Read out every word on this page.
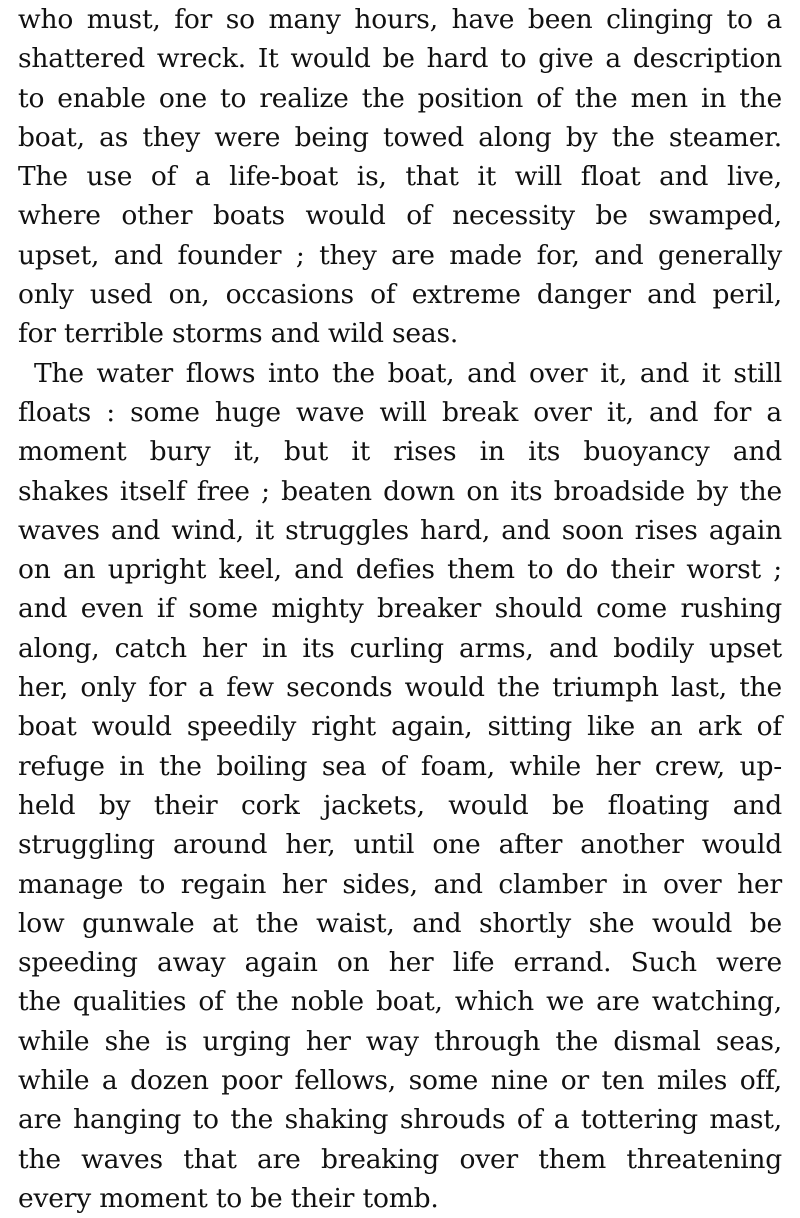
who must, for so many hours, have been clinging to a
shattered wreck. It would be hard to give a description
to enable one to realize the position of the men in the
boat, as they were being towed along by the steamer.
The use of a life-boat is, that it will float and live,
where other boats would of necessity be swamped,
upset, and founder ; they are made for, and generally
only used on, occasions of extreme danger and peril,
for terrible storms and wild seas.
The water flows into the boat, and over it, and it still
floats : some huge wave will break over it, and for a
moment bury it, but it rises in its buoyancy and
shakes itself free ; beaten down on its broadside by the
waves and wind, it struggles hard, and soon rises again
on an upright keel, and defies them to do their worst ;
and even if some mighty breaker should come rushing
along, catch her in its curling arms, and bodily upset
her, only for a few seconds would the triumph last, the
boat would speedily right again, sitting like an ark of
refuge in the boiling sea of foam, while her crew, up-
held by their cork jackets, would be floating and
struggling around her, until one after another would
manage to regain her sides, and clamber in over her
low gunwale at the waist, and shortly she would be
speeding away again on her life errand. Such were
the qualities of the noble boat, which we are watching,
while she is urging her way through the dismal seas,
while a dozen poor fellows, some nine or ten miles off,
are hanging to the shaking shrouds of a tottering mast,
the waves that are breaking over them threatening
every moment to be their tomb.
